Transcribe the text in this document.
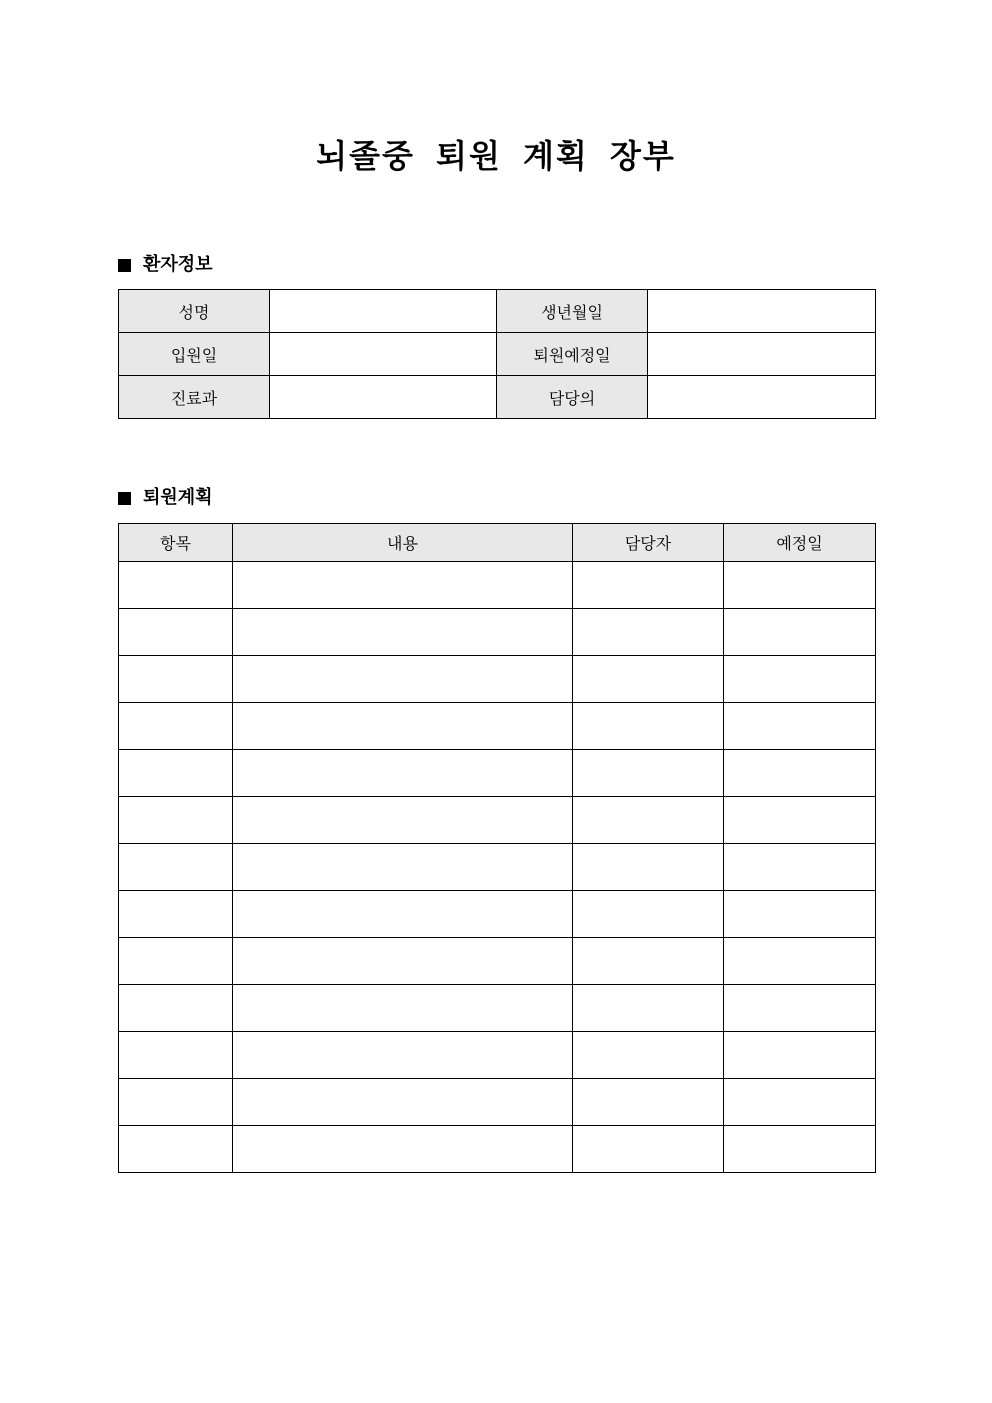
뇌졸중 퇴원 계획 장부
환자정보
성명		생년월일	
입원일		퇴원예정일	
진료과		담당의	
퇴원계획
항목	내용	담당자	예정일
